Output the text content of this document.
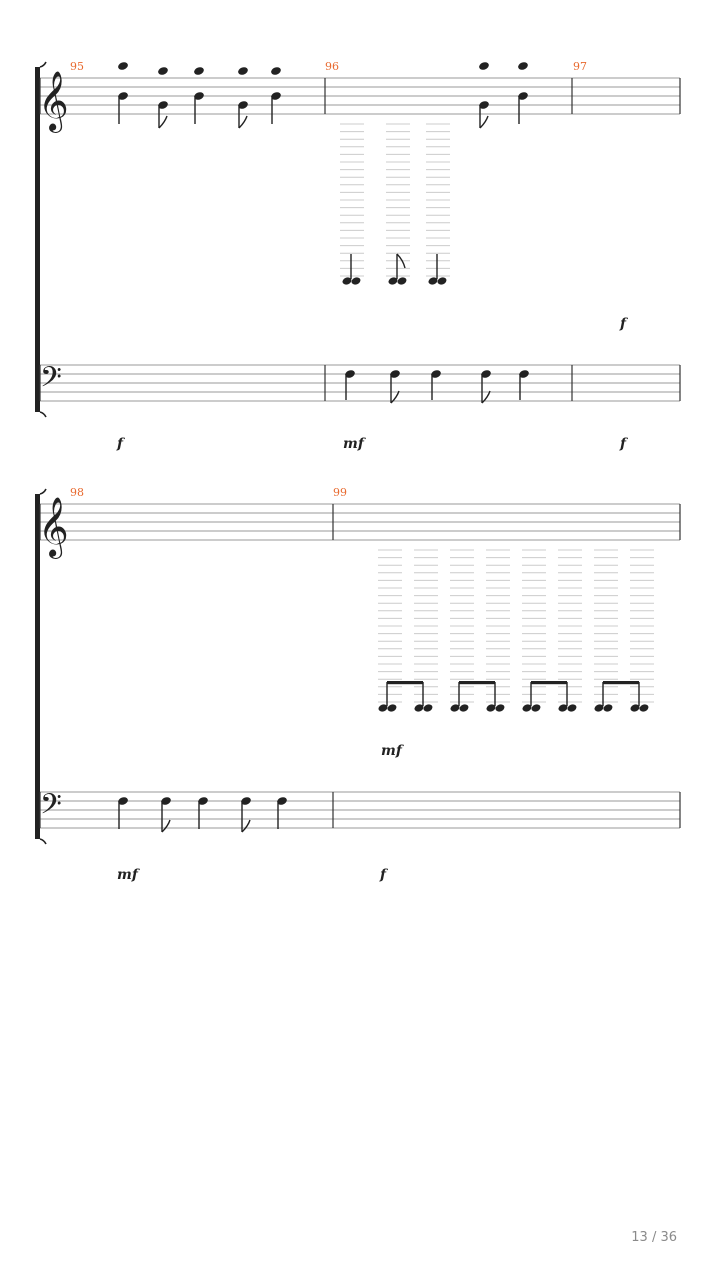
𝄞
95	96	97
f
𝄢
f	mf	f
𝄞
98	99
mf
𝄢
mf	f
13 / 36
